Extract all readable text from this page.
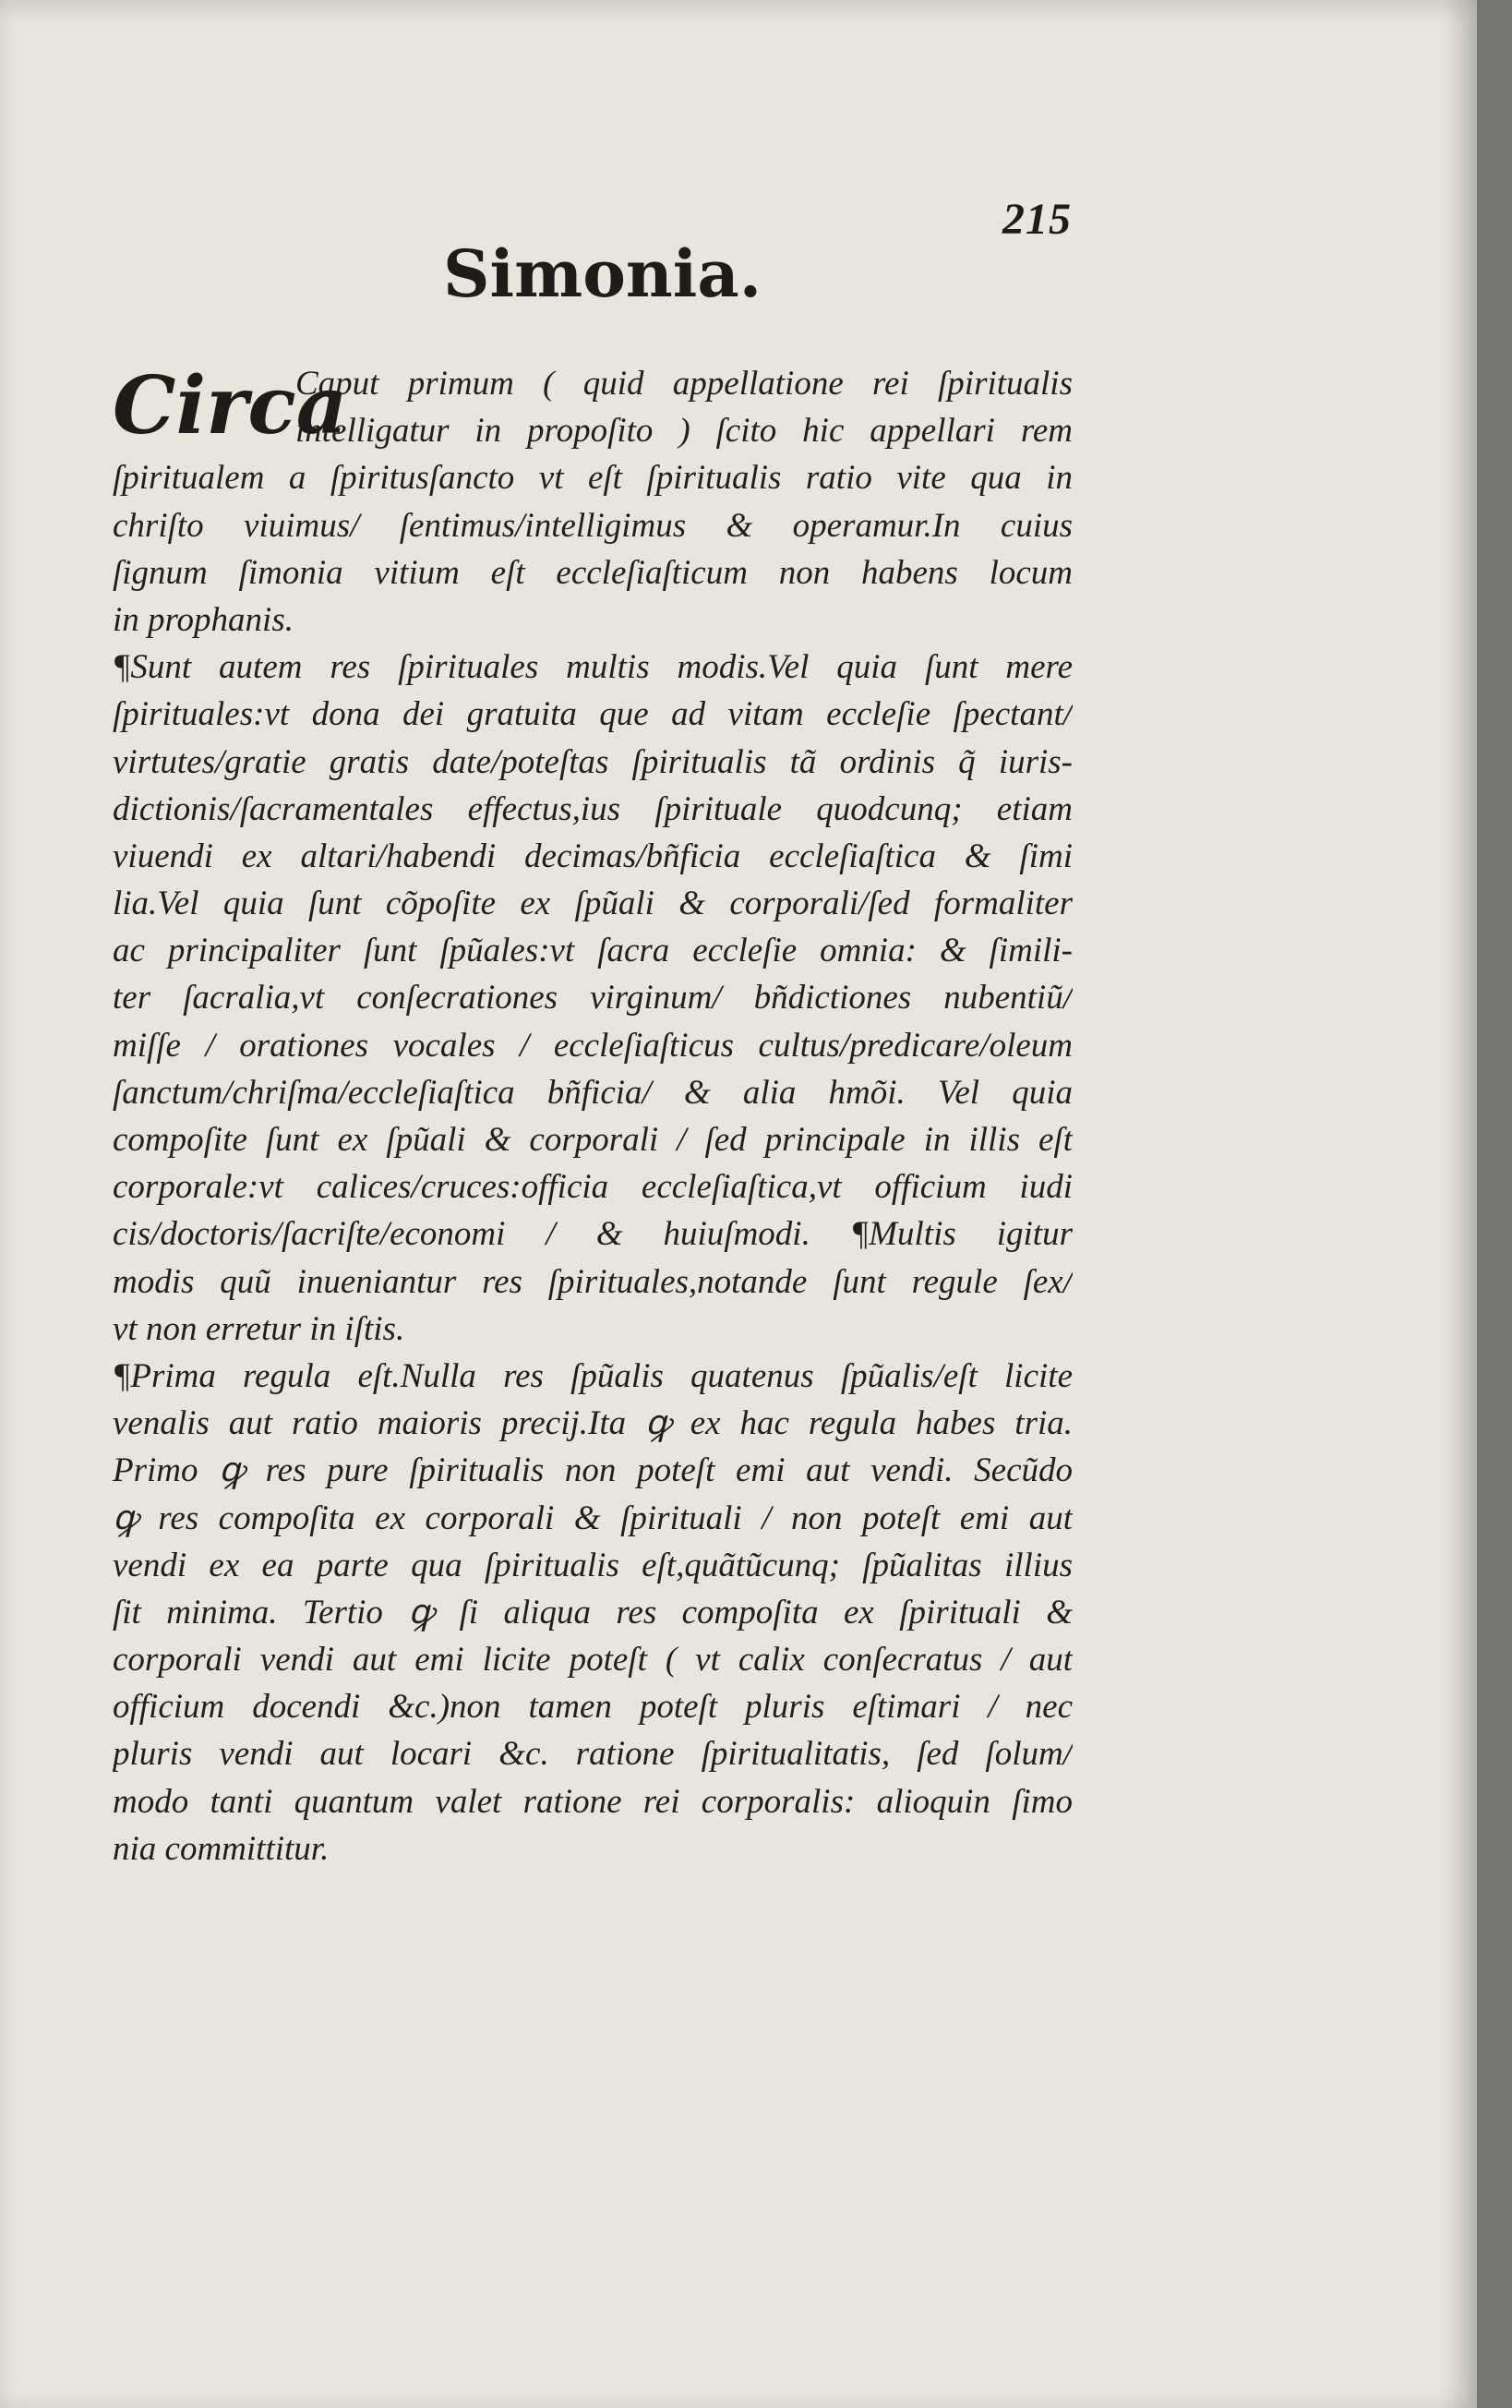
215
Simonia.
Circa
Caput primum ( quid appellatione rei ſpiritualis
intelligatur in propoſito ) ſcito hic appellari rem
ſpiritualem a ſpiritusſancto vt eſt ſpiritualis ratio vite qua in
chriſto viuimus/ ſentimus/intelligimus & operamur.In cuius
ſignum ſimonia vitium eſt eccleſiaſticum non habens locum
in prophanis.
¶Sunt autem res ſpirituales multis modis.Vel quia ſunt mere
ſpirituales:vt dona dei gratuita que ad vitam eccleſie ſpectant/
virtutes/gratie gratis date/poteſtas ſpiritualis tã ordinis q̃ iuris-
dictionis/ſacramentales effectus,ius ſpirituale quodcunq; etiam
viuendi ex altari/habendi decimas/bñficia eccleſiaſtica & ſimi
lia.Vel quia ſunt cõpoſite ex ſpũali & corporali/ſed formaliter
ac principaliter ſunt ſpũales:vt ſacra eccleſie omnia: & ſimili-
ter ſacralia,vt conſecrationes virginum/ bñdictiones nubentiũ/
miſſe / orationes vocales / eccleſiaſticus cultus/predicare/oleum
ſanctum/chriſma/eccleſiaſtica bñficia/ & alia hmõi. Vel quia
compoſite ſunt ex ſpũali & corporali / ſed principale in illis eſt
corporale:vt calices/cruces:officia eccleſiaſtica,vt officium iudi
cis/doctoris/ſacriſte/economi / & huiuſmodi. ¶Multis igitur
modis quũ inueniantur res ſpirituales,notande ſunt regule ſex/
vt non erretur in iſtis.
¶Prima regula eſt.Nulla res ſpũalis quatenus ſpũalis/eſt licite
venalis aut ratio maioris precij.Ita ꝙ ex hac regula habes tria.
Primo ꝙ res pure ſpiritualis non poteſt emi aut vendi. Secũdo
ꝙ res compoſita ex corporali & ſpirituali / non poteſt emi aut
vendi ex ea parte qua ſpiritualis eſt,quãtũcunq; ſpũalitas illius
ſit minima. Tertio ꝙ ſi aliqua res compoſita ex ſpirituali &
corporali vendi aut emi licite poteſt ( vt calix conſecratus / aut
officium docendi &c.)non tamen poteſt pluris eſtimari / nec
pluris vendi aut locari &c. ratione ſpiritualitatis, ſed ſolum/
modo tanti quantum valet ratione rei corporalis: alioquin ſimo
nia committitur.
